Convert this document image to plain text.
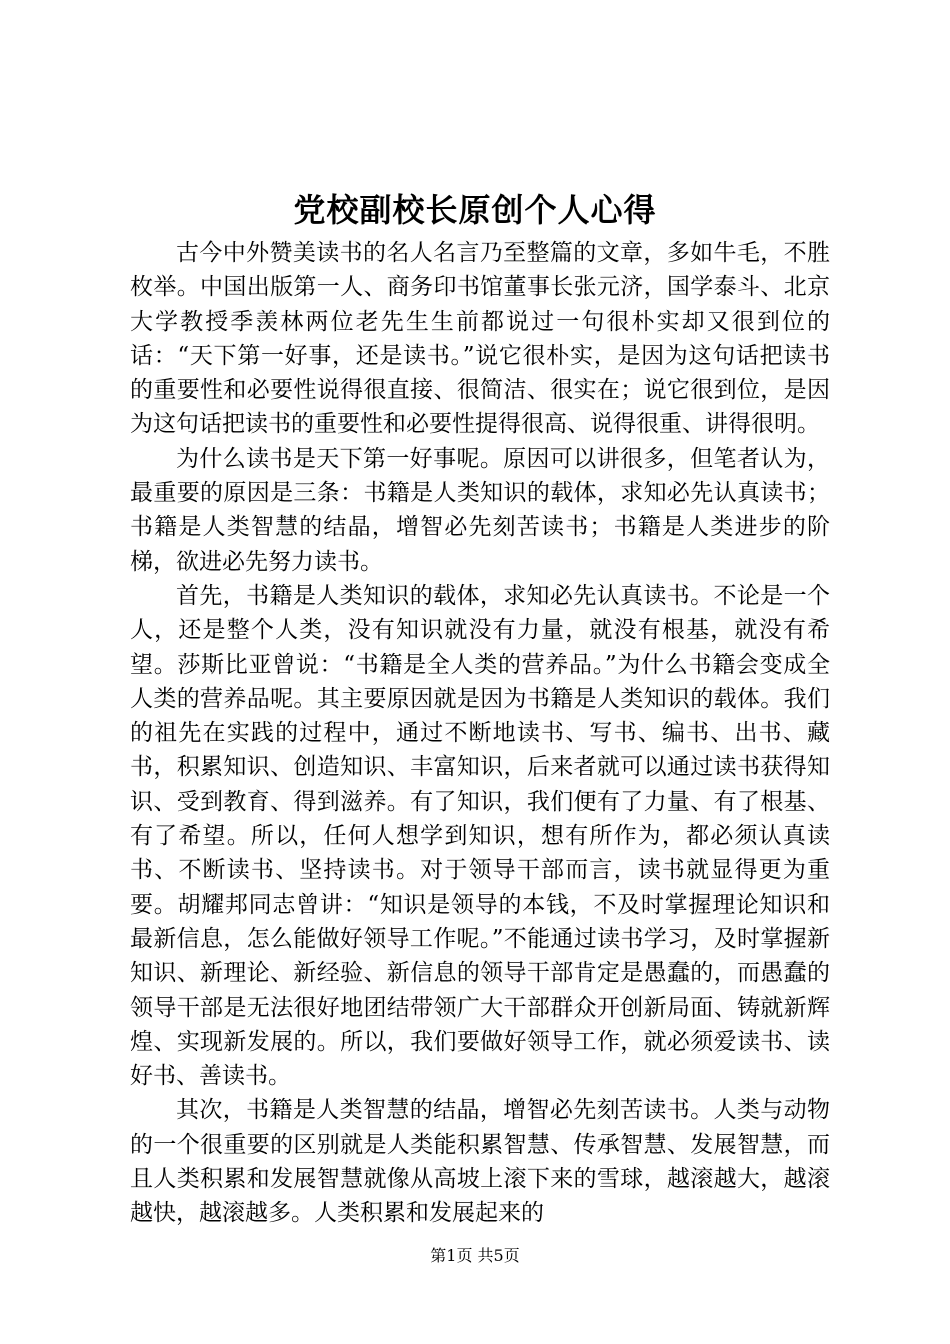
党校副校长原创个人心得

古今中外赞美读书的名人名言乃至整篇的文章，多如牛毛，不胜枚举。中国出版第一人、商务印书馆董事长张元济，国学泰斗、北京大学教授季羡林两位老先生生前都说过一句很朴实却又很到位的话：“天下第一好事，还是读书。”说它很朴实，是因为这句话把读书的重要性和必要性说得很直接、很简洁、很实在；说它很到位，是因为这句话把读书的重要性和必要性提得很高、说得很重、讲得很明。

为什么读书是天下第一好事呢。原因可以讲很多，但笔者认为，最重要的原因是三条：书籍是人类知识的载体，求知必先认真读书；书籍是人类智慧的结晶，增智必先刻苦读书；书籍是人类进步的阶梯，欲进必先努力读书。

首先，书籍是人类知识的载体，求知必先认真读书。不论是一个人，还是整个人类，没有知识就没有力量，就没有根基，就没有希望。莎斯比亚曾说：“书籍是全人类的营养品。”为什么书籍会变成全人类的营养品呢。其主要原因就是因为书籍是人类知识的载体。我们的祖先在实践的过程中，通过不断地读书、写书、编书、出书、藏书，积累知识、创造知识、丰富知识，后来者就可以通过读书获得知识、受到教育、得到滋养。有了知识，我们便有了力量、有了根基、有了希望。所以，任何人想学到知识，想有所作为，都必须认真读书、不断读书、坚持读书。对于领导干部而言，读书就显得更为重要。胡耀邦同志曾讲：“知识是领导的本钱，不及时掌握理论知识和最新信息，怎么能做好领导工作呢。”不能通过读书学习，及时掌握新知识、新理论、新经验、新信息的领导干部肯定是愚蠢的，而愚蠢的领导干部是无法很好地团结带领广大干部群众开创新局面、铸就新辉煌、实现新发展的。所以，我们要做好领导工作，就必须爱读书、读好书、善读书。

其次，书籍是人类智慧的结晶，增智必先刻苦读书。人类与动物的一个很重要的区别就是人类能积累智慧、传承智慧、发展智慧，而且人类积累和发展智慧就像从高坡上滚下来的雪球，越滚越大，越滚越快，越滚越多。人类积累和发展起来的

第1页 共5页
